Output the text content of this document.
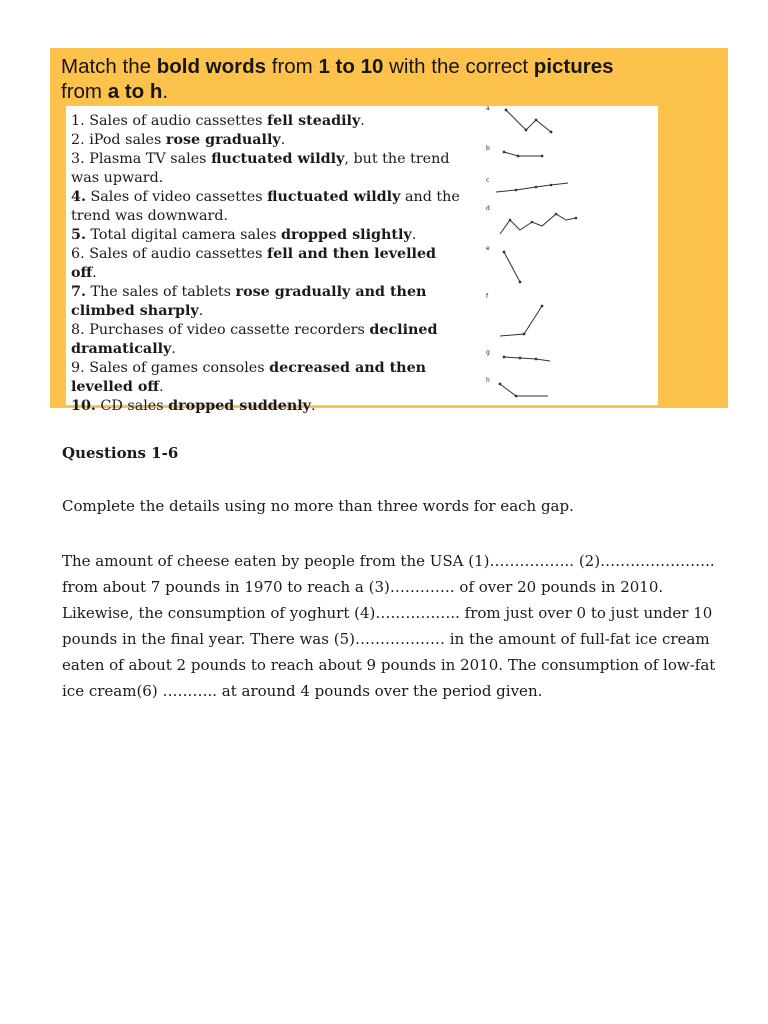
Match the bold words from 1 to 10 with the correct pictures
from a to h.
1. Sales of audio cassettes fell steadily.
2. iPod sales rose gradually.
3. Plasma TV sales fluctuated wildly, but the trend was upward.
4. Sales of video cassettes fluctuated wildly and the trend was downward.
5. Total digital camera sales dropped slightly.
6. Sales of audio cassettes fell and then levelled off.
7. The sales of tablets rose gradually and then climbed sharply.
8. Purchases of video cassette recorders declined dramatically.
9. Sales of games consoles decreased and then levelled off.
10. CD sales dropped suddenly.
a
b
c
d
e
f
g
h
Questions 1-6
Complete the details using no more than three words for each gap.
The amount of cheese eaten by people from the USA (1)…………….. (2)………………….. from about 7 pounds in 1970 to reach a (3)…………. of over 20 pounds in 2010. Likewise, the consumption of yoghurt (4)…………….. from just over 0 to just under 10 pounds in the final year. There was (5)……………… in the amount of full-fat ice cream eaten of about 2 pounds to reach about 9 pounds in 2010. The consumption of low-fat ice cream(6) ……….. at around 4 pounds over the period given.
